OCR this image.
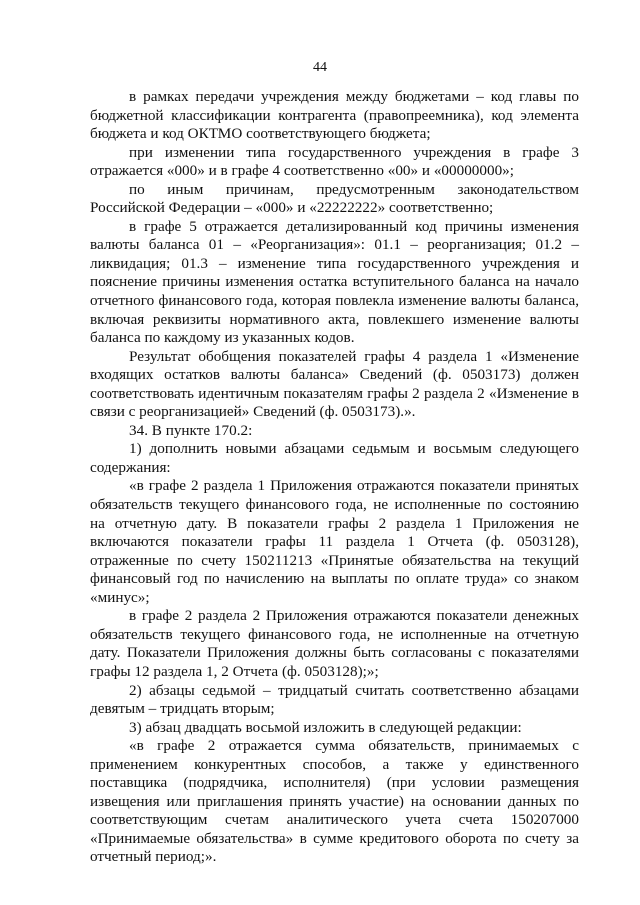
44

в рамках передачи учреждения между бюджетами – код главы по бюджетной классификации контрагента (правопреемника), код элемента бюджета и код ОКТМО соответствующего бюджета;

при изменении типа государственного учреждения в графе 3 отражается «000» и в графе 4 соответственно «00» и «00000000»;

по иным причинам, предусмотренным законодательством Российской Федерации – «000» и «22222222» соответственно;

в графе 5 отражается детализированный код причины изменения валюты баланса 01 – «Реорганизация»: 01.1 – реорганизация; 01.2 – ликвидация; 01.3 – изменение типа государственного учреждения и пояснение причины изменения остатка вступительного баланса на начало отчетного финансового года, которая повлекла изменение валюты баланса, включая реквизиты нормативного акта, повлекшего изменение валюты баланса по каждому из указанных кодов.

Результат обобщения показателей графы 4 раздела 1 «Изменение входящих остатков валюты баланса» Сведений (ф. 0503173) должен соответствовать идентичным показателям графы 2 раздела 2 «Изменение в связи с реорганизацией» Сведений (ф. 0503173).».

34. В пункте 170.2:

1) дополнить новыми абзацами седьмым и восьмым следующего содержания:

«в графе 2 раздела 1 Приложения отражаются показатели принятых обязательств текущего финансового года, не исполненные по состоянию на отчетную дату. В показатели графы 2 раздела 1 Приложения не включаются показатели графы 11 раздела 1 Отчета (ф. 0503128), отраженные по счету 150211213 «Принятые обязательства на текущий финансовый год по начислению на выплаты по оплате труда» со знаком «минус»;

в графе 2 раздела 2 Приложения отражаются показатели денежных обязательств текущего финансового года, не исполненные на отчетную дату. Показатели Приложения должны быть согласованы с показателями графы 12 раздела 1, 2 Отчета (ф. 0503128);»;

2) абзацы седьмой – тридцатый считать соответственно абзацами девятым – тридцать вторым;

3) абзац двадцать восьмой изложить в следующей редакции:

«в графе 2 отражается сумма обязательств, принимаемых с применением конкурентных способов, а также у единственного поставщика (подрядчика, исполнителя) (при условии размещения извещения или приглашения принять участие) на основании данных по соответствующим счетам аналитического учета счета 150207000 «Принимаемые обязательства» в сумме кредитового оборота по счету за отчетный период;».
